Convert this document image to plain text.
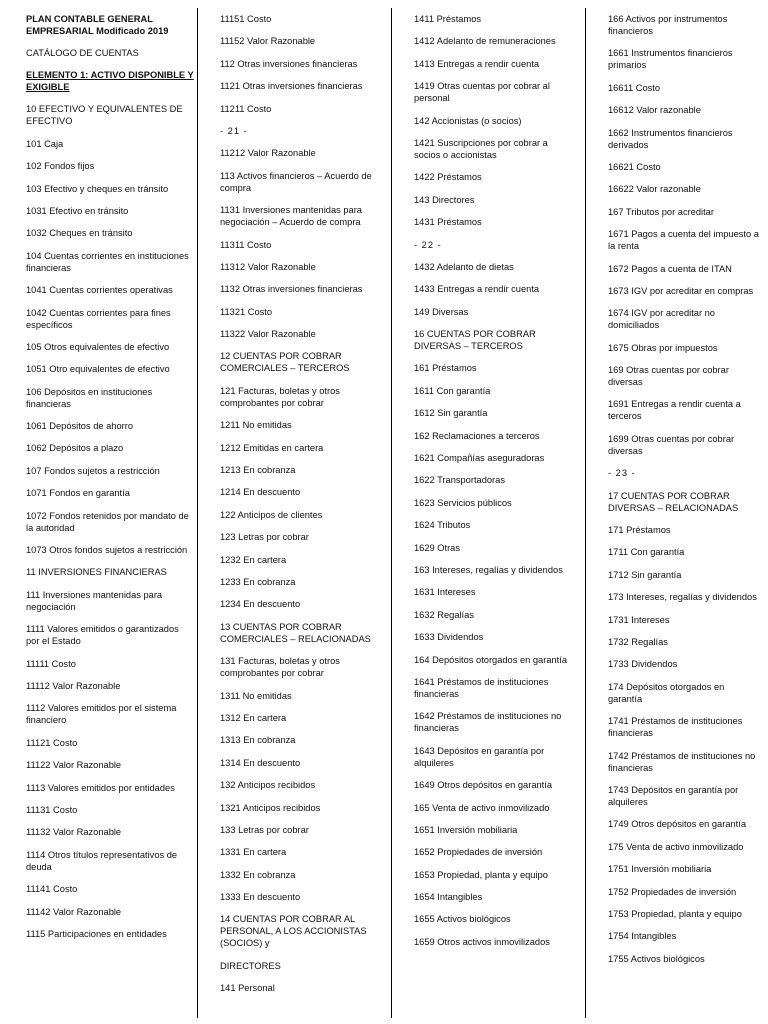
PLAN CONTABLE GENERAL
EMPRESARIAL Modificado 2019
CATÁLOGO DE CUENTAS
ELEMENTO 1: ACTIVO DISPONIBLE Y EXIGIBLE
10 EFECTIVO Y EQUIVALENTES DE EFECTIVO
101 Caja
102 Fondos fijos
103 Efectivo y cheques en tránsito
1031 Efectivo en tránsito
1032 Cheques en tránsito
104 Cuentas corrientes en instituciones financieras
1041 Cuentas corrientes operativas
1042 Cuentas corrientes para fines específicos
105 Otros equivalentes de efectivo
1051 Otro equivalentes de efectivo
106 Depósitos en instituciones financieras
1061 Depósitos de ahorro
1062 Depósitos a plazo
107 Fondos sujetos a restricción
1071 Fondos en garantía
1072 Fondos retenidos por mandato de la autoridad
1073 Otros fondos sujetos a restricción
11 INVERSIONES FINANCIERAS
111 Inversiones mantenidas para negociación
1111 Valores emitidos o garantizados por el Estado
11111 Costo
11112 Valor Razonable
1112 Valores emitidos por el sistema financiero
11121 Costo
11122 Valor Razonable
1113 Valores emitidos por entidades
11131 Costo
11132 Valor Razonable
1114 Otros títulos representativos de deuda
11141 Costo
11142 Valor Razonable
1115 Participaciones en entidades
11151 Costo
11152 Valor Razonable
112 Otras inversiones financieras
1121 Otras inversiones financieras
11211 Costo
- 21 -
11212 Valor Razonable
113 Activos financieros – Acuerdo de compra
1131 Inversiones mantenidas para negociación – Acuerdo de compra
11311 Costo
11312 Valor Razonable
1132 Otras inversiones financieras
11321 Costo
11322 Valor Razonable
12 CUENTAS POR COBRAR COMERCIALES – TERCEROS
121 Facturas, boletas y otros comprobantes por cobrar
1211 No emitidas
1212 Emitidas en cartera
1213 En cobranza
1214 En descuento
122 Anticipos de clientes
123 Letras por cobrar
1232 En cartera
1233 En cobranza
1234 En descuento
13 CUENTAS POR COBRAR COMERCIALES – RELACIONADAS
131 Facturas, boletas y otros comprobantes por cobrar
1311 No emitidas
1312 En cartera
1313 En cobranza
1314 En descuento
132 Anticipos recibidos
1321 Anticipos recibidos
133 Letras por cobrar
1331 En cartera
1332 En cobranza
1333 En descuento
14 CUENTAS POR COBRAR AL PERSONAL, A LOS ACCIONISTAS (SOCIOS) y
DIRECTORES
141 Personal
1411 Préstamos
1412 Adelanto de remuneraciones
1413 Entregas a rendir cuenta
1419 Otras cuentas por cobrar al personal
142 Accionistas (o socios)
1421 Suscripciones por cobrar a socios o accionistas
1422 Préstamos
143 Directores
1431 Préstamos
- 22 -
1432 Adelanto de dietas
1433 Entregas a rendir cuenta
149 Diversas
16 CUENTAS POR COBRAR DIVERSAS – TERCEROS
161 Préstamos
1611 Con garantía
1612 Sin garantía
162 Reclamaciones a terceros
1621 Compañías aseguradoras
1622 Transportadoras
1623 Servicios públicos
1624 Tributos
1629 Otras
163 Intereses, regalías y dividendos
1631 Intereses
1632 Regalías
1633 Dividendos
164 Depósitos otorgados en garantía
1641 Préstamos de instituciones financieras
1642 Préstamos de instituciones no financieras
1643 Depósitos en garantía por alquileres
1649 Otros depósitos en garantía
165 Venta de activo inmovilizado
1651 Inversión mobiliaria
1652 Propiedades de inversión
1653 Propiedad, planta y equipo
1654 Intangibles
1655 Activos biológicos
1659 Otros activos inmovilizados
166 Activos por instrumentos financieros
1661 Instrumentos financieros primarios
16611 Costo
16612 Valor razonable
1662 Instrumentos financieros derivados
16621 Costo
16622 Valor razonable
167 Tributos por acreditar
1671 Pagos a cuenta del impuesto a la renta
1672 Pagos a cuenta de ITAN
1673 IGV por acreditar en compras
1674 IGV por acreditar no domiciliados
1675 Obras por impuestos
169 Otras cuentas por cobrar diversas
1691 Entregas a rendir cuenta a terceros
1699 Otras cuentas por cobrar diversas
- 23 -
17 CUENTAS POR COBRAR DIVERSAS – RELACIONADAS
171 Préstamos
1711 Con garantía
1712 Sin garantía
173 Intereses, regalías y dividendos
1731 Intereses
1732 Regalías
1733 Dividendos
174 Depósitos otorgados en garantía
1741 Préstamos de instituciones financieras
1742 Préstamos de instituciones no financieras
1743 Depósitos en garantía por alquileres
1749 Otros depósitos en garantía
175 Venta de activo inmovilizado
1751 Inversión mobiliaria
1752 Propiedades de inversión
1753 Propiedad, planta y equipo
1754 Intangibles
1755 Activos biológicos
